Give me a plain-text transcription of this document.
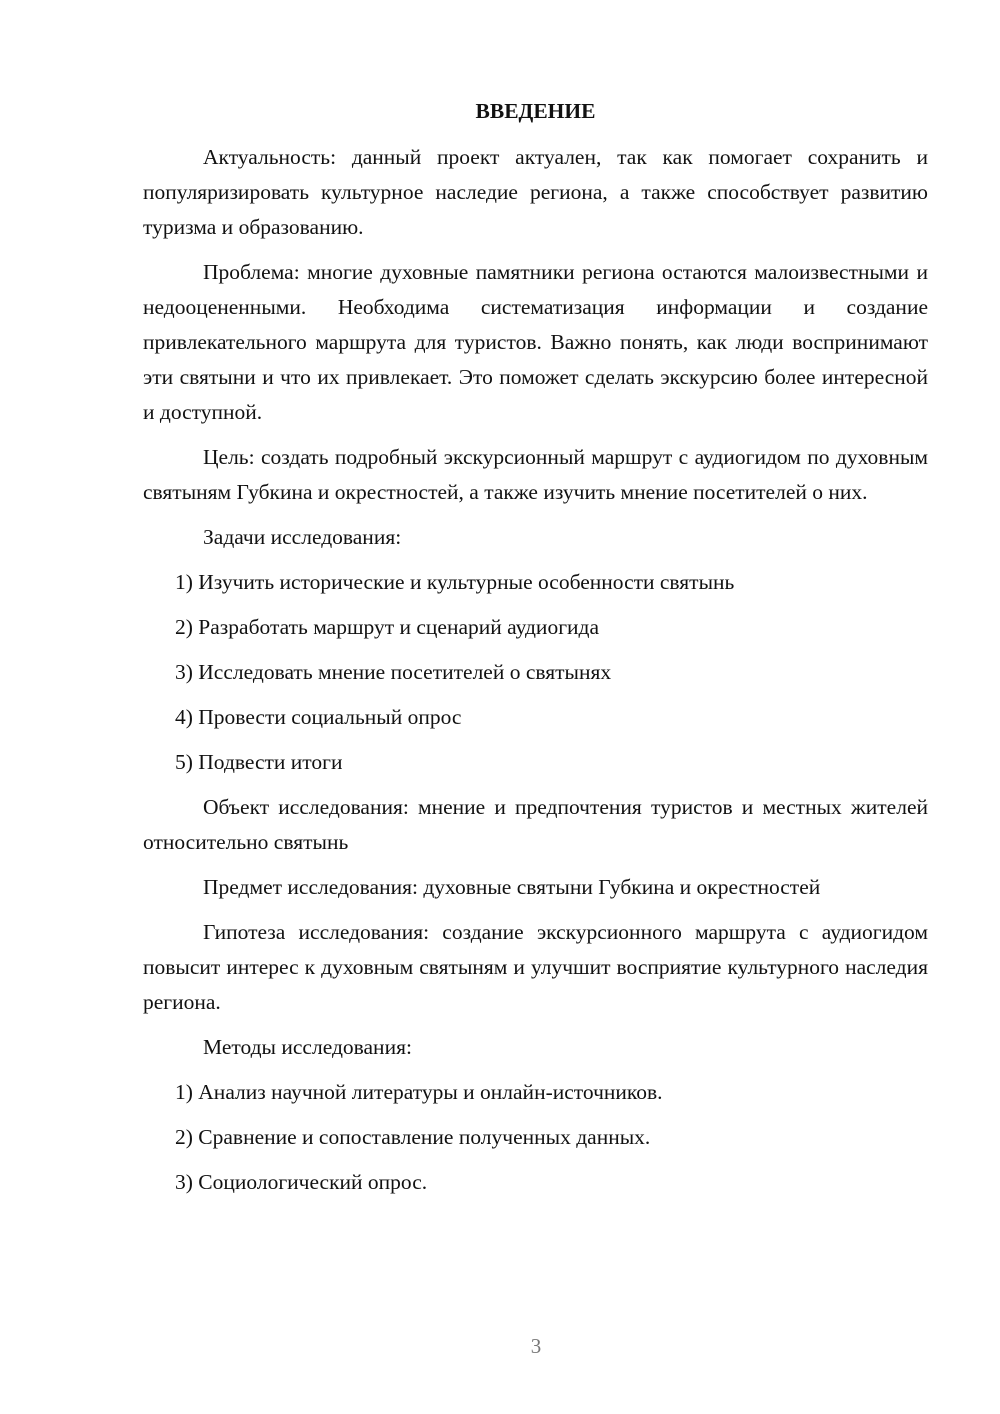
ВВЕДЕНИЕ

Актуальность: данный проект актуален, так как помогает сохранить и популяризировать культурное наследие региона, а также способствует развитию туризма и образованию.

Проблема: многие духовные памятники региона остаются малоизвестными и недооцененными. Необходима систематизация информации и создание привлекательного маршрута для туристов. Важно понять, как люди воспринимают эти святыни и что их привлекает. Это поможет сделать экскурсию более интересной и доступной.

Цель: создать подробный экскурсионный маршрут с аудиогидом по духовным святыням Губкина и окрестностей, а также изучить мнение посетителей о них.

Задачи исследования:

1) Изучить исторические и культурные особенности святынь
2) Разработать маршрут и сценарий аудиогида
3) Исследовать мнение посетителей о святынях
4) Провести социальный опрос
5) Подвести итоги

Объект исследования: мнение и предпочтения туристов и местных жителей относительно святынь

Предмет исследования: духовные святыни Губкина и окрестностей

Гипотеза исследования: создание экскурсионного маршрута с аудиогидом повысит интерес к духовным святыням и улучшит восприятие культурного наследия региона.

Методы исследования:

1) Анализ научной литературы и онлайн-источников.
2) Сравнение и сопоставление полученных данных.
3) Социологический опрос.
3
